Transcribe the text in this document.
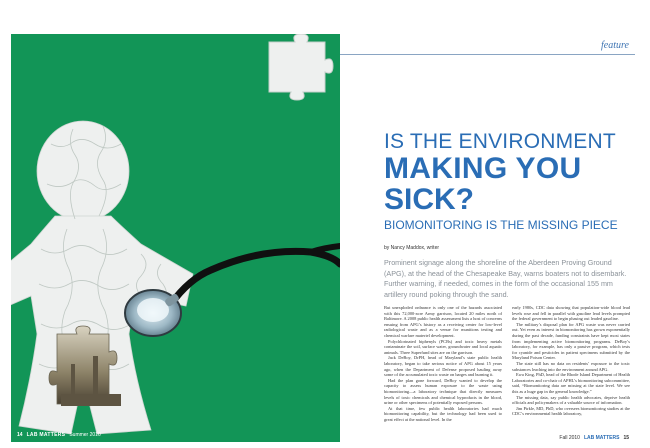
14 LAB MATTERS Summer 2010
feature
IS THE ENVIRONMENT
MAKING YOU
SICK?
BIOMONITORING IS THE MISSING PIECE
by Nancy Maddox, writer
Prominent signage along the shoreline of the Aberdeen Proving Ground (APG), at the head of the Chesapeake Bay, warns boaters not to disembark. Further warning, if needed, comes in the form of the occasional 155 mm artillery round poking through the sand.

But unexploded ordnance is only one of the hazards associated with this 72,000-acre Army garrison, located 20 miles north of Baltimore. A 2008 public health assessment lists a host of concerns ensuing from APG’s history as a receiving center for low-level radiological waste and as a venue for munitions testing and chemical warfare materiel development.

Polychlorinated biphenyls (PCBs) and toxic heavy metals contaminate the soil, surface water, groundwater and local aquatic animals. Three Superfund sites are on the garrison.

Jack DeBoy, DrPH, head of Maryland’s state public health laboratory, began to take serious notice of APG about 15 years ago, when the Department of Defense proposed hauling away some of the accumulated toxic waste on barges and burning it.

Had the plan gone forward, DeBoy wanted to develop the capacity to assess human exposure to the waste using biomonitoring—a laboratory technique that directly measures levels of toxic chemicals and chemical byproducts in the blood, urine or other specimens of potentially exposed persons.

At that time, few public health laboratories had much biomonitoring capability, but the technology had been used to great effect at the national level. In the

early 1980s, CDC data showing that population-wide blood lead levels rose and fell in parallel with gasoline lead levels prompted the federal government to begin phasing out leaded gasoline.

The military’s disposal plan for APG waste was never carried out. Yet even as interest in biomonitoring has grown exponentially during the past decade, funding constraints have kept most states from implementing active biomonitoring programs. DeBoy’s laboratory, for example, has only a passive program, which tests for cyanide and pesticides in patient specimens submitted by the Maryland Poison Center.

The state still has no data on residents’ exposure to the toxic substances leaching into the environment around APG.

Ewa King, PhD, head of the Rhode Island Department of Health Laboratories and co-chair of APHL’s biomonitoring subcommittee, said, “Biomonitoring data are missing at the state level. We see this as a huge gap in the general knowledge.”

The missing data, say public health advocates, deprive health officials and policymakers of a valuable source of information.

Jim Pirkle, MD, PhD, who oversees biomonitoring studies at the CDC’s environmental health laboratory,

Fall 2010 LAB MATTERS 15
